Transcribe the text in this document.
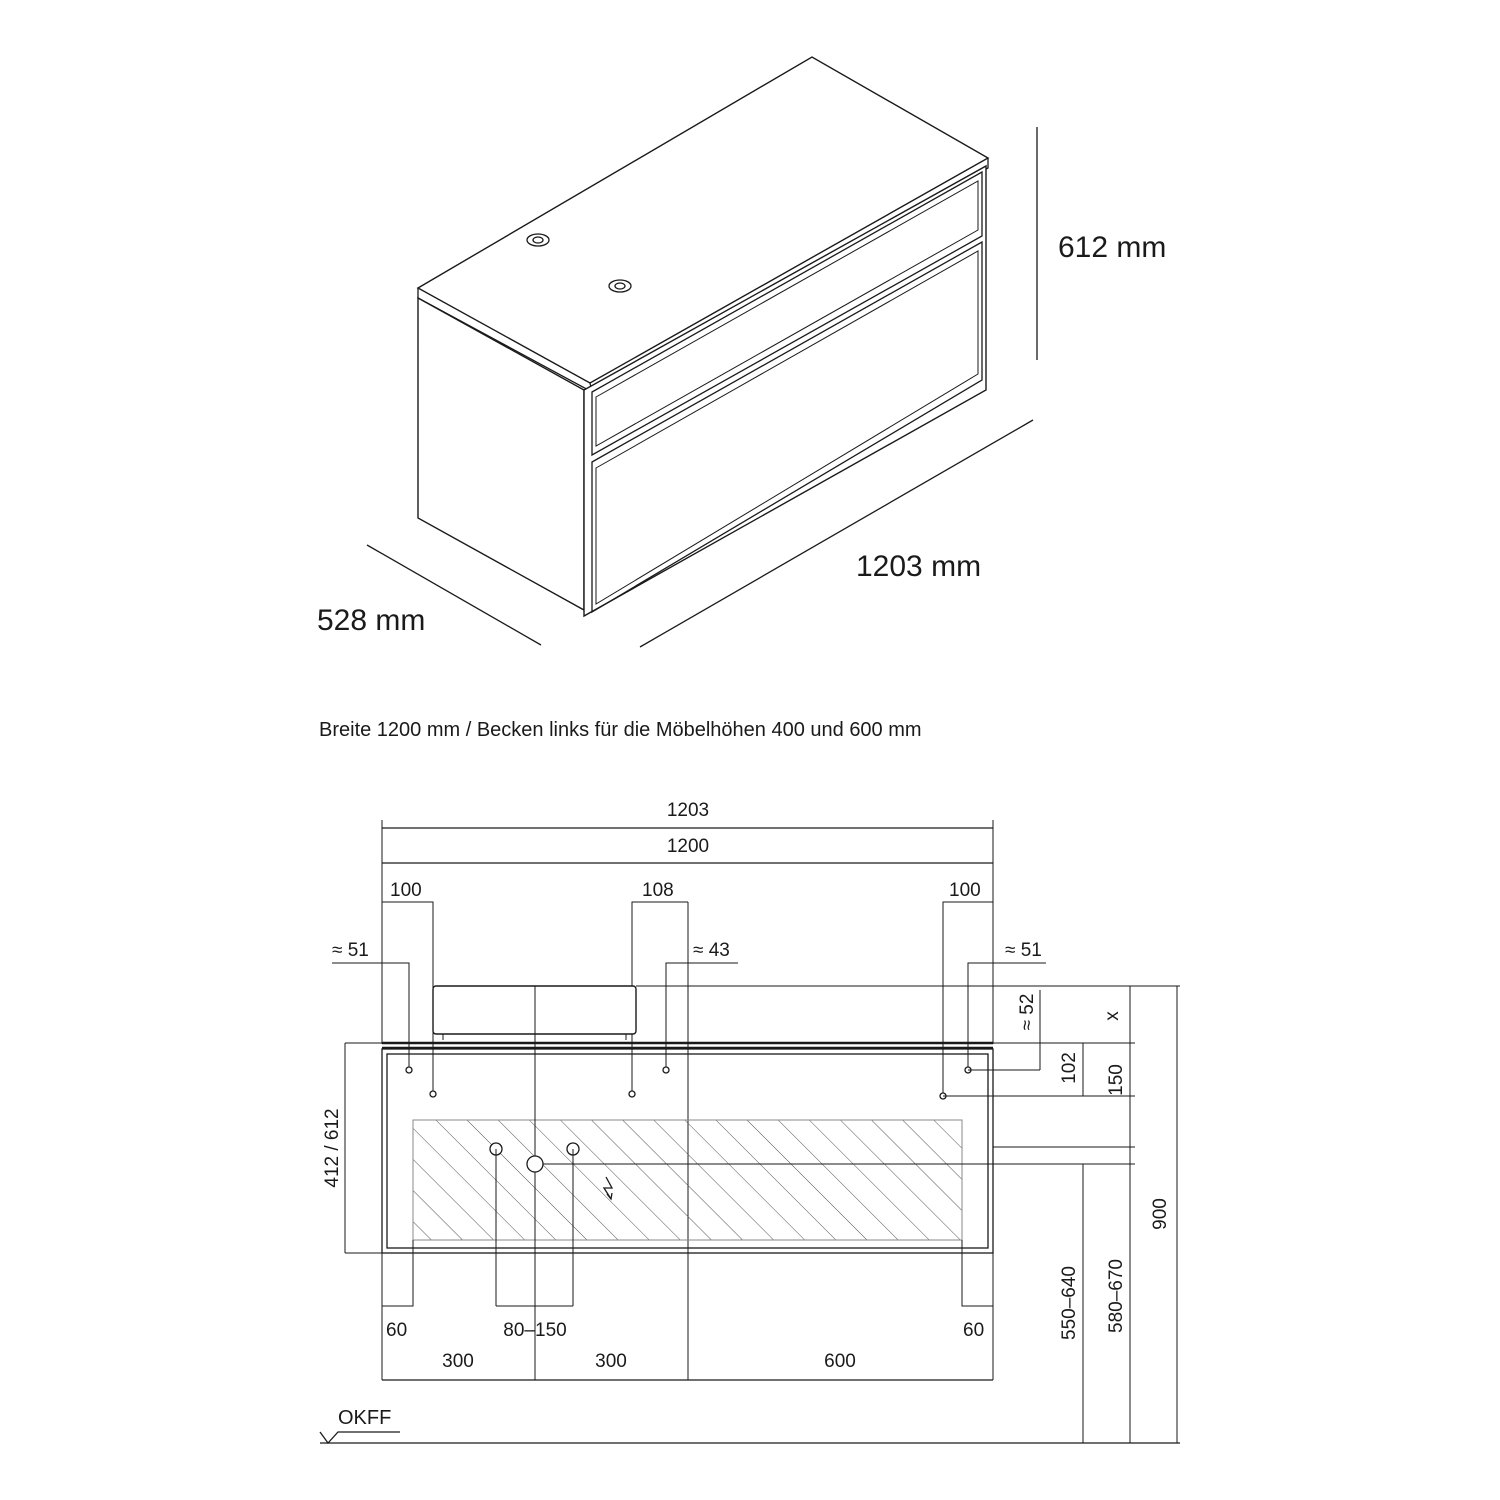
612 mm
1203 mm
528 mm
Breite 1200 mm / Becken links für die Möbelhöhen 400 und 600 mm
1203
1200
100	108	100
≈ 51	≈ 43	≈ 51
x
≈ 52
102 150
900
550–640 580–670
412 / 612
60	80–150	60
300	300	600
OKFF
